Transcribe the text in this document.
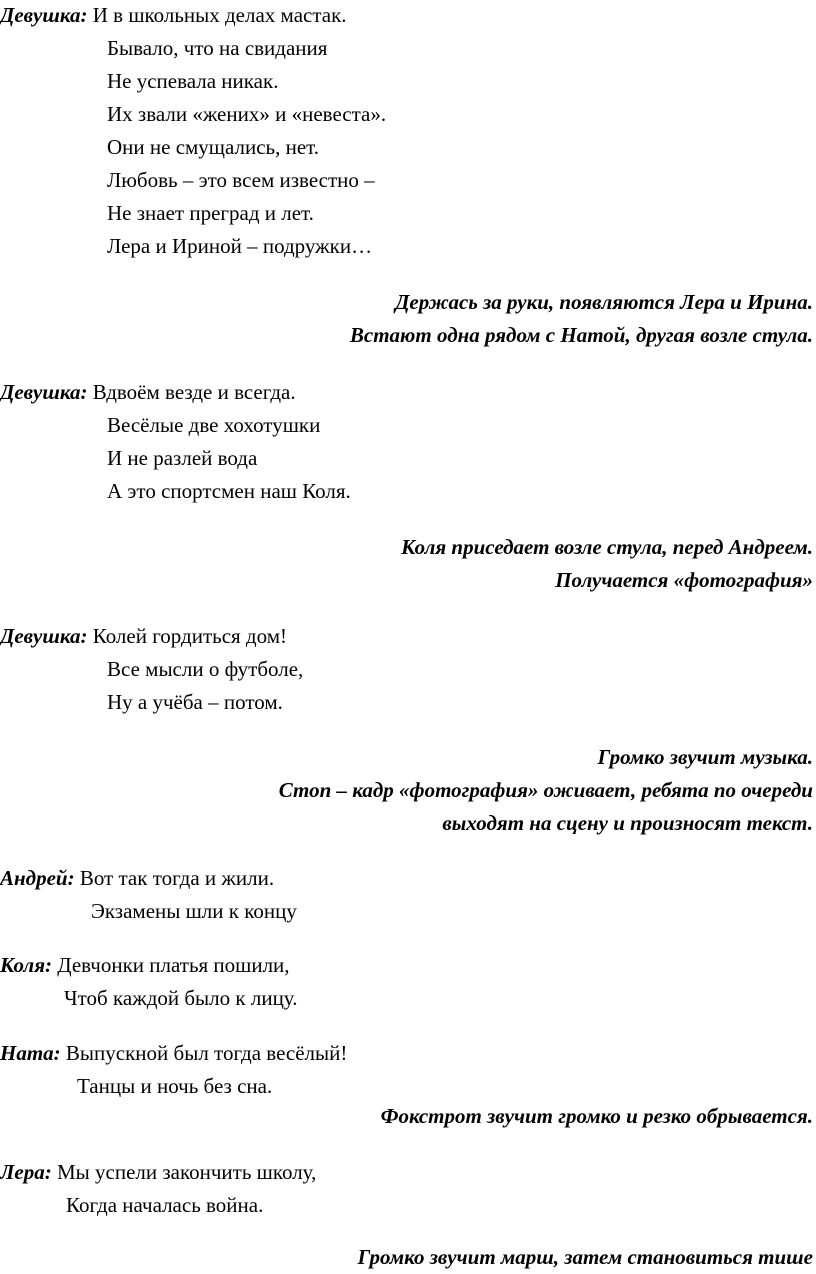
Девушка: И в школьных делах мастак.
Бывало, что на свидания
Не успевала никак.
Их звали «жених» и «невеста».
Они не смущались, нет.
Любовь – это всем известно –
Не знает преград и лет.
Лера и Ириной – подружки…
Держась за руки, появляются Лера и Ирина.
Встают одна рядом с Натой, другая возле стула.
Девушка: Вдвоём везде и всегда.
Весёлые две хохотушки
И не разлей вода
А это спортсмен наш Коля.
Коля приседает возле стула, перед Андреем.
Получается «фотография»
Девушка: Колей гордиться дом!
Все мысли о футболе,
Ну а учёба – потом.
Громко звучит музыка.
Стоп – кадр «фотография» оживает, ребята по очереди
выходят на сцену и произносят текст.
Андрей: Вот так тогда и жили.
Экзамены шли к концу
Коля: Девчонки платья пошили,
Чтоб каждой было к лицу.
Ната: Выпускной был тогда весёлый!
Танцы и ночь без сна.
Фокстрот звучит громко и резко обрывается.
Лера: Мы успели закончить школу,
Когда началась война.
Громко звучит марш, затем становиться тише
